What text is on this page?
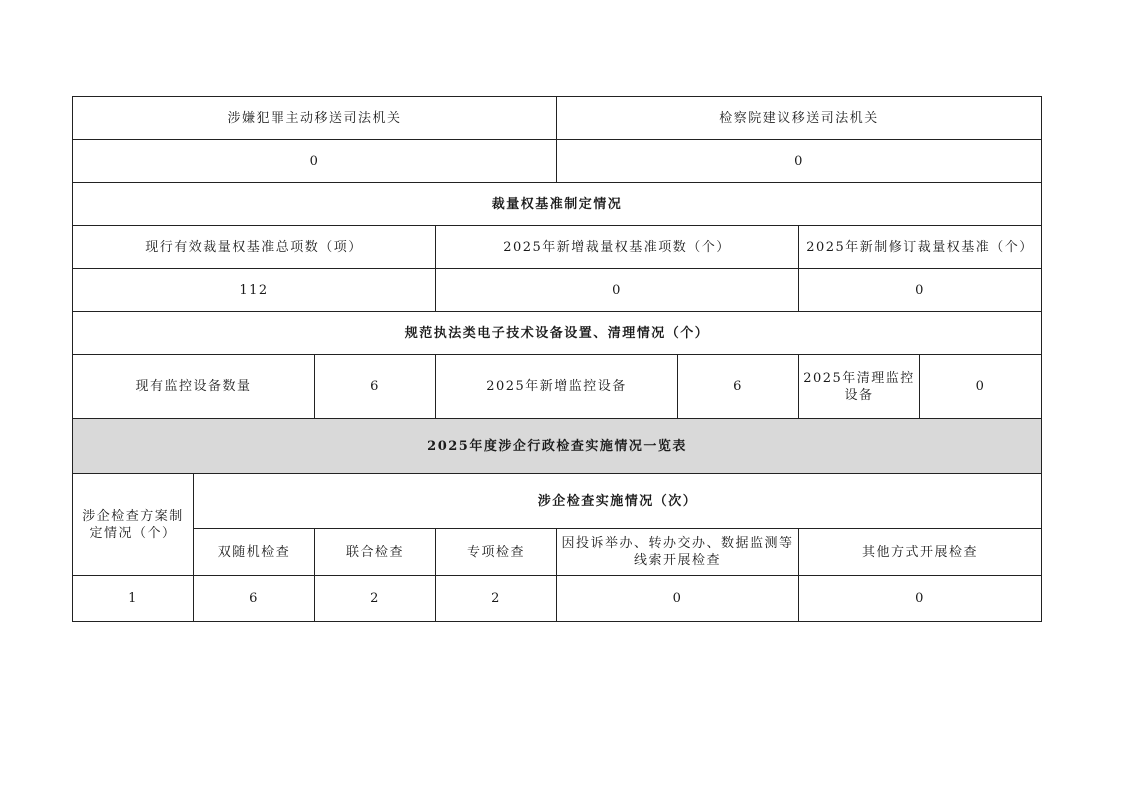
涉嫌犯罪主动移送司法机关				检察院建议移送司法机关			
0				0			
裁量权基准制定情况							
现行有效裁量权基准总项数（项）			2025年新增裁量权基准项数（个）			2025年新制修订裁量权基准（个）	
112			0			0	
规范执法类电子技术设备设置、清理情况（个）							
现有监控设备数量		6	2025年新增监控设备		6	2025年清理监控设备	0
2025年度涉企行政检查实施情况一览表							
涉企检查方案制定情况（个）	涉企检查实施情况（次）						
	双随机检查	联合检查	专项检查	因投诉举办、转办交办、数据监测等线索开展检查		其他方式开展检查	
1	6	2	2	0		0	
